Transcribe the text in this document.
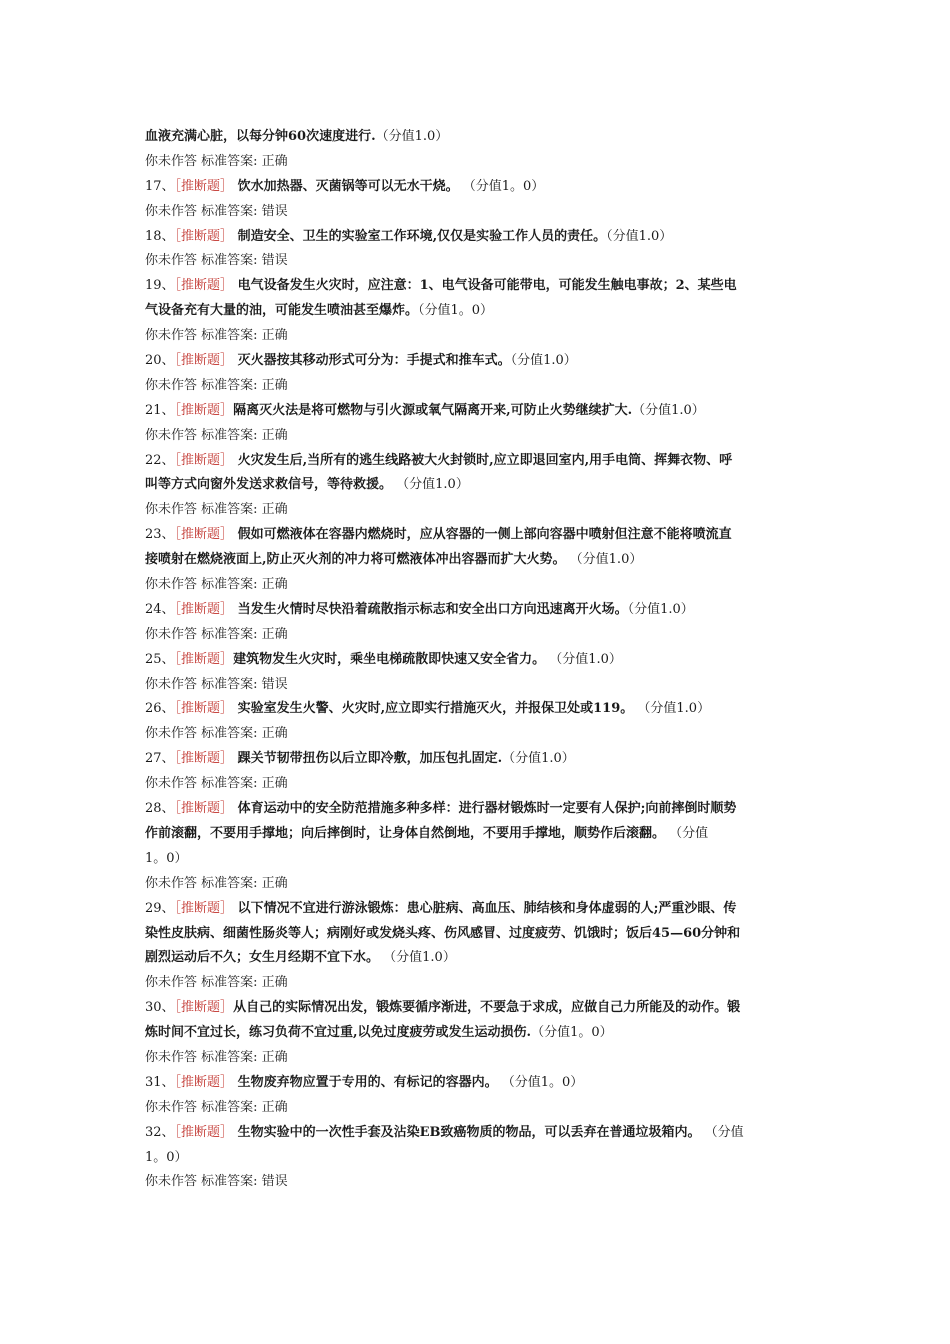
血液充满心脏，以每分钟60次速度进行.（分值1.0）
你未作答 标准答案: 正确
17、［推断题］ 饮水加热器、灭菌锅等可以无水干烧。 （分值1。0）
你未作答 标准答案: 错误
18、［推断题］ 制造安全、卫生的实验室工作环境,仅仅是实验工作人员的责任。（分值1.0）
你未作答 标准答案: 错误
19、［推断题］ 电气设备发生火灾时，应注意：1、电气设备可能带电，可能发生触电事故；2、某些电
气设备充有大量的油，可能发生喷油甚至爆炸。（分值1。0）
你未作答 标准答案: 正确
20、［推断题］ 灭火器按其移动形式可分为：手提式和推车式。（分值1.0）
你未作答 标准答案: 正确
21、［推断题］隔离灭火法是将可燃物与引火源或氧气隔离开来,可防止火势继续扩大.（分值1.0）
你未作答 标准答案: 正确
22、［推断题］ 火灾发生后,当所有的逃生线路被大火封锁时,应立即退回室内,用手电筒、挥舞衣物、呼
叫等方式向窗外发送求救信号，等待救援。 （分值1.0）
你未作答 标准答案: 正确
23、［推断题］ 假如可燃液体在容器内燃烧时，应从容器的一侧上部向容器中喷射但注意不能将喷流直
接喷射在燃烧液面上,防止灭火剂的冲力将可燃液体冲出容器而扩大火势。 （分值1.0）
你未作答 标准答案: 正确
24、［推断题］ 当发生火情时尽快沿着疏散指示标志和安全出口方向迅速离开火场。（分值1.0）
你未作答 标准答案: 正确
25、［推断题］建筑物发生火灾时，乘坐电梯疏散即快速又安全省力。 （分值1.0）
你未作答 标准答案: 错误
26、［推断题］ 实验室发生火警、火灾时,应立即实行措施灭火，并报保卫处或119。 （分值1.0）
你未作答 标准答案: 正确
27、［推断题］ 踝关节韧带扭伤以后立即冷敷，加压包扎固定.（分值1.0）
你未作答 标准答案: 正确
28、［推断题］ 体育运动中的安全防范措施多种多样：进行器材锻炼时一定要有人保护;向前摔倒时顺势
作前滚翻，不要用手撑地；向后摔倒时，让身体自然倒地，不要用手撑地，顺势作后滚翻。 （分值
1。0）
你未作答 标准答案: 正确
29、［推断题］ 以下情况不宜进行游泳锻炼：患心脏病、高血压、肺结核和身体虚弱的人;严重沙眼、传
染性皮肤病、细菌性肠炎等人；病刚好或发烧头疼、伤风感冒、过度疲劳、饥饿时；饭后45—60分钟和
剧烈运动后不久；女生月经期不宜下水。 （分值1.0）
你未作答 标准答案: 正确
30、［推断题］从自己的实际情况出发，锻炼要循序渐进，不要急于求成，应做自己力所能及的动作。锻
炼时间不宜过长，练习负荷不宜过重,以免过度疲劳或发生运动损伤.（分值1。0）
你未作答 标准答案: 正确
31、［推断题］ 生物废弃物应置于专用的、有标记的容器内。 （分值1。0）
你未作答 标准答案: 正确
32、［推断题］ 生物实验中的一次性手套及沾染EB致癌物质的物品，可以丢弃在普通垃圾箱内。 （分值
1。0）
你未作答 标准答案: 错误
